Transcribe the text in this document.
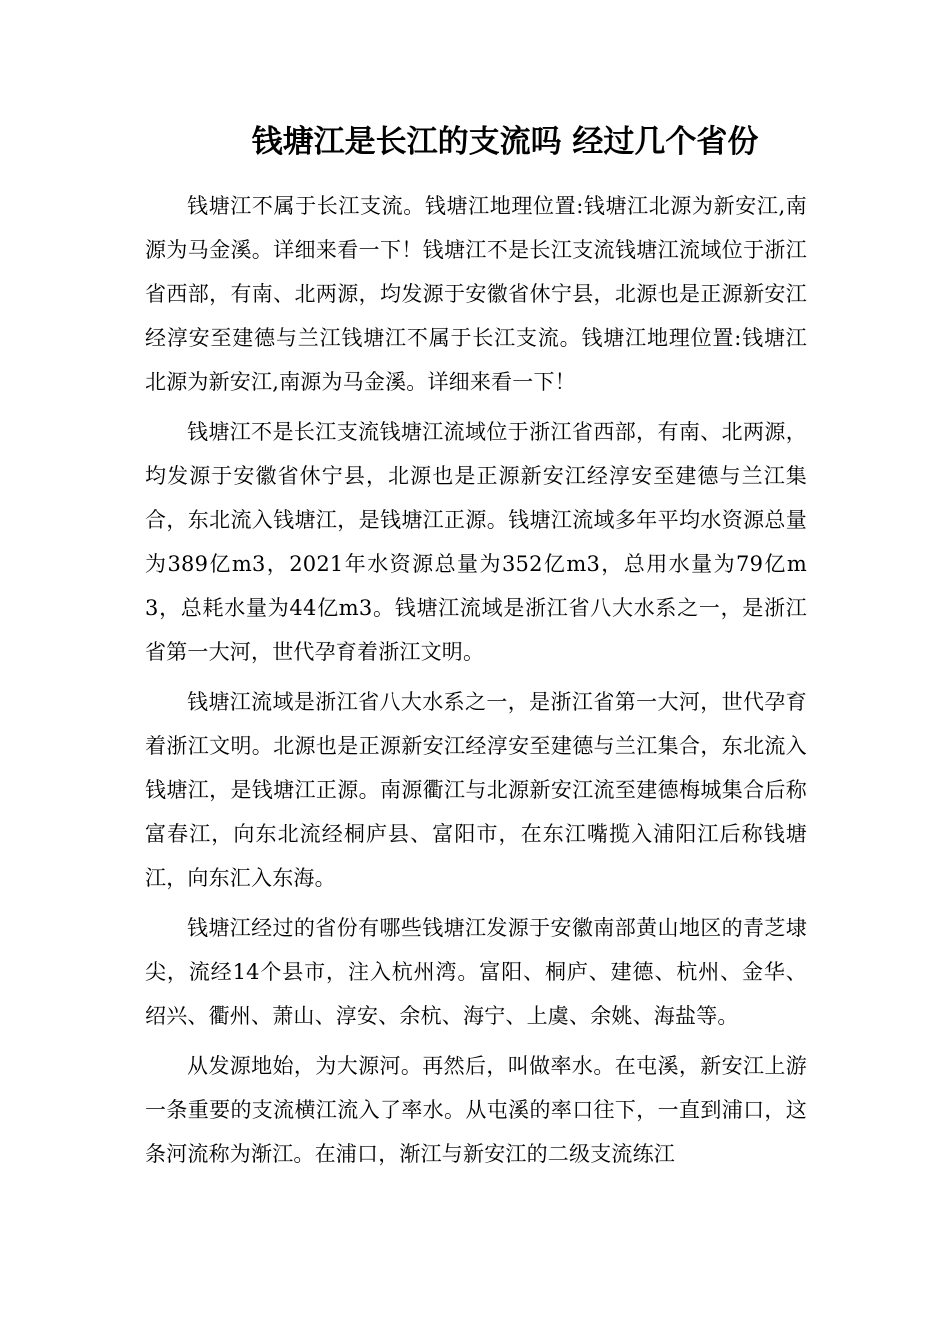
钱塘江是长江的支流吗 经过几个省份

钱塘江不属于长江支流。钱塘江地理位置:钱塘江北源为新安江,南源为马金溪。详细来看一下！钱塘江不是长江支流钱塘江流域位于浙江省西部，有南、北两源，均发源于安徽省休宁县，北源也是正源新安江经淳安至建德与兰江钱塘江不属于长江支流。钱塘江地理位置:钱塘江北源为新安江,南源为马金溪。详细来看一下！

钱塘江不是长江支流钱塘江流域位于浙江省西部，有南、北两源，均发源于安徽省休宁县，北源也是正源新安江经淳安至建德与兰江集合，东北流入钱塘江，是钱塘江正源。钱塘江流域多年平均水资源总量为389亿m3，2021年水资源总量为352亿m3，总用水量为79亿m3，总耗水量为44亿m3。钱塘江流域是浙江省八大水系之一，是浙江省第一大河，世代孕育着浙江文明。

钱塘江流域是浙江省八大水系之一，是浙江省第一大河，世代孕育着浙江文明。北源也是正源新安江经淳安至建德与兰江集合，东北流入钱塘江，是钱塘江正源。南源衢江与北源新安江流至建德梅城集合后称富春江，向东北流经桐庐县、富阳市，在东江嘴揽入浦阳江后称钱塘江，向东汇入东海。

钱塘江经过的省份有哪些钱塘江发源于安徽南部黄山地区的青芝埭尖，流经14个县市，注入杭州湾。富阳、桐庐、建德、杭州、金华、绍兴、衢州、萧山、淳安、余杭、海宁、上虞、余姚、海盐等。

从发源地始，为大源河。再然后，叫做率水。在屯溪，新安江上游一条重要的支流横江流入了率水。从屯溪的率口往下，一直到浦口，这条河流称为渐江。在浦口，渐江与新安江的二级支流练江
